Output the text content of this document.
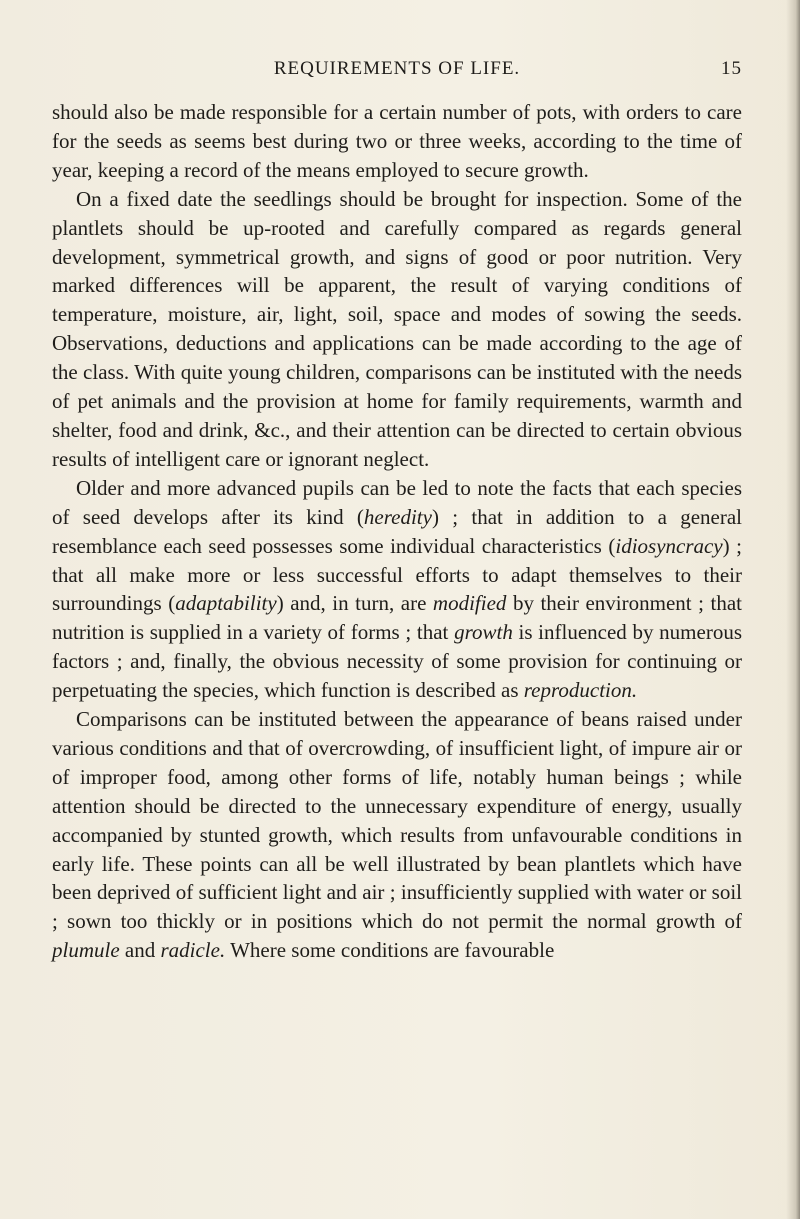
REQUIREMENTS OF LIFE.	15

should also be made responsible for a certain number of pots, with orders to care for the seeds as seems best during two or three weeks, according to the time of year, keeping a record of the means employed to secure growth.

On a fixed date the seedlings should be brought for inspection. Some of the plantlets should be up-rooted and carefully compared as regards general development, symmetrical growth, and signs of good or poor nutrition. Very marked differences will be apparent, the result of varying conditions of temperature, moisture, air, light, soil, space and modes of sowing the seeds. Observations, deductions and applications can be made according to the age of the class. With quite young children, comparisons can be instituted with the needs of pet animals and the provision at home for family requirements, warmth and shelter, food and drink, &c., and their attention can be directed to certain obvious results of intelligent care or ignorant neglect.

Older and more advanced pupils can be led to note the facts that each species of seed develops after its kind (heredity) ; that in addition to a general resemblance each seed possesses some individual characteristics (idiosyncracy) ; that all make more or less successful efforts to adapt themselves to their surroundings (adaptability) and, in turn, are modified by their environment ; that nutrition is supplied in a variety of forms ; that growth is influenced by numerous factors ; and, finally, the obvious necessity of some provision for continuing or perpetuating the species, which function is described as reproduction.

Comparisons can be instituted between the appearance of beans raised under various conditions and that of overcrowding, of insufficient light, of impure air or of improper food, among other forms of life, notably human beings ; while attention should be directed to the unnecessary expenditure of energy, usually accompanied by stunted growth, which results from unfavourable conditions in early life. These points can all be well illustrated by bean plantlets which have been deprived of sufficient light and air ; insufficiently supplied with water or soil ; sown too thickly or in positions which do not permit the normal growth of plumule and radicle. Where some conditions are favourable
